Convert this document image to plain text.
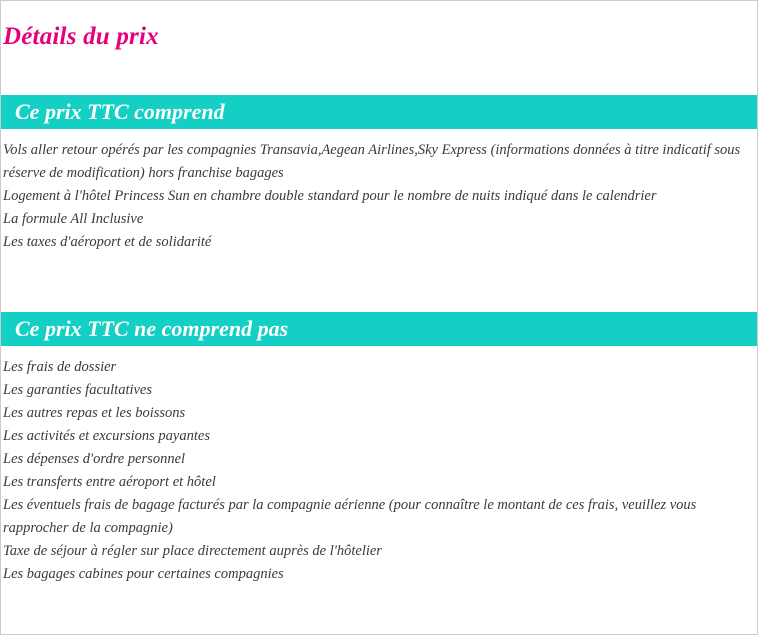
Détails du prix
Ce prix TTC comprend

Vols aller retour opérés par les compagnies Transavia,Aegean Airlines,Sky Express (informations données à titre indicatif sous réserve de modification) hors franchise bagages

Logement à l'hôtel Princess Sun en chambre double standard pour le nombre de nuits indiqué dans le calendrier

La formule All Inclusive

Les taxes d'aéroport et de solidarité

Ce prix TTC ne comprend pas

Les frais de dossier

Les garanties facultatives

Les autres repas et les boissons

Les activités et excursions payantes

Les dépenses d'ordre personnel

Les transferts entre aéroport et hôtel

Les éventuels frais de bagage facturés par la compagnie aérienne (pour connaître le montant de ces frais, veuillez vous rapprocher de la compagnie)

Taxe de séjour à régler sur place directement auprès de l'hôtelier

Les bagages cabines pour certaines compagnies
